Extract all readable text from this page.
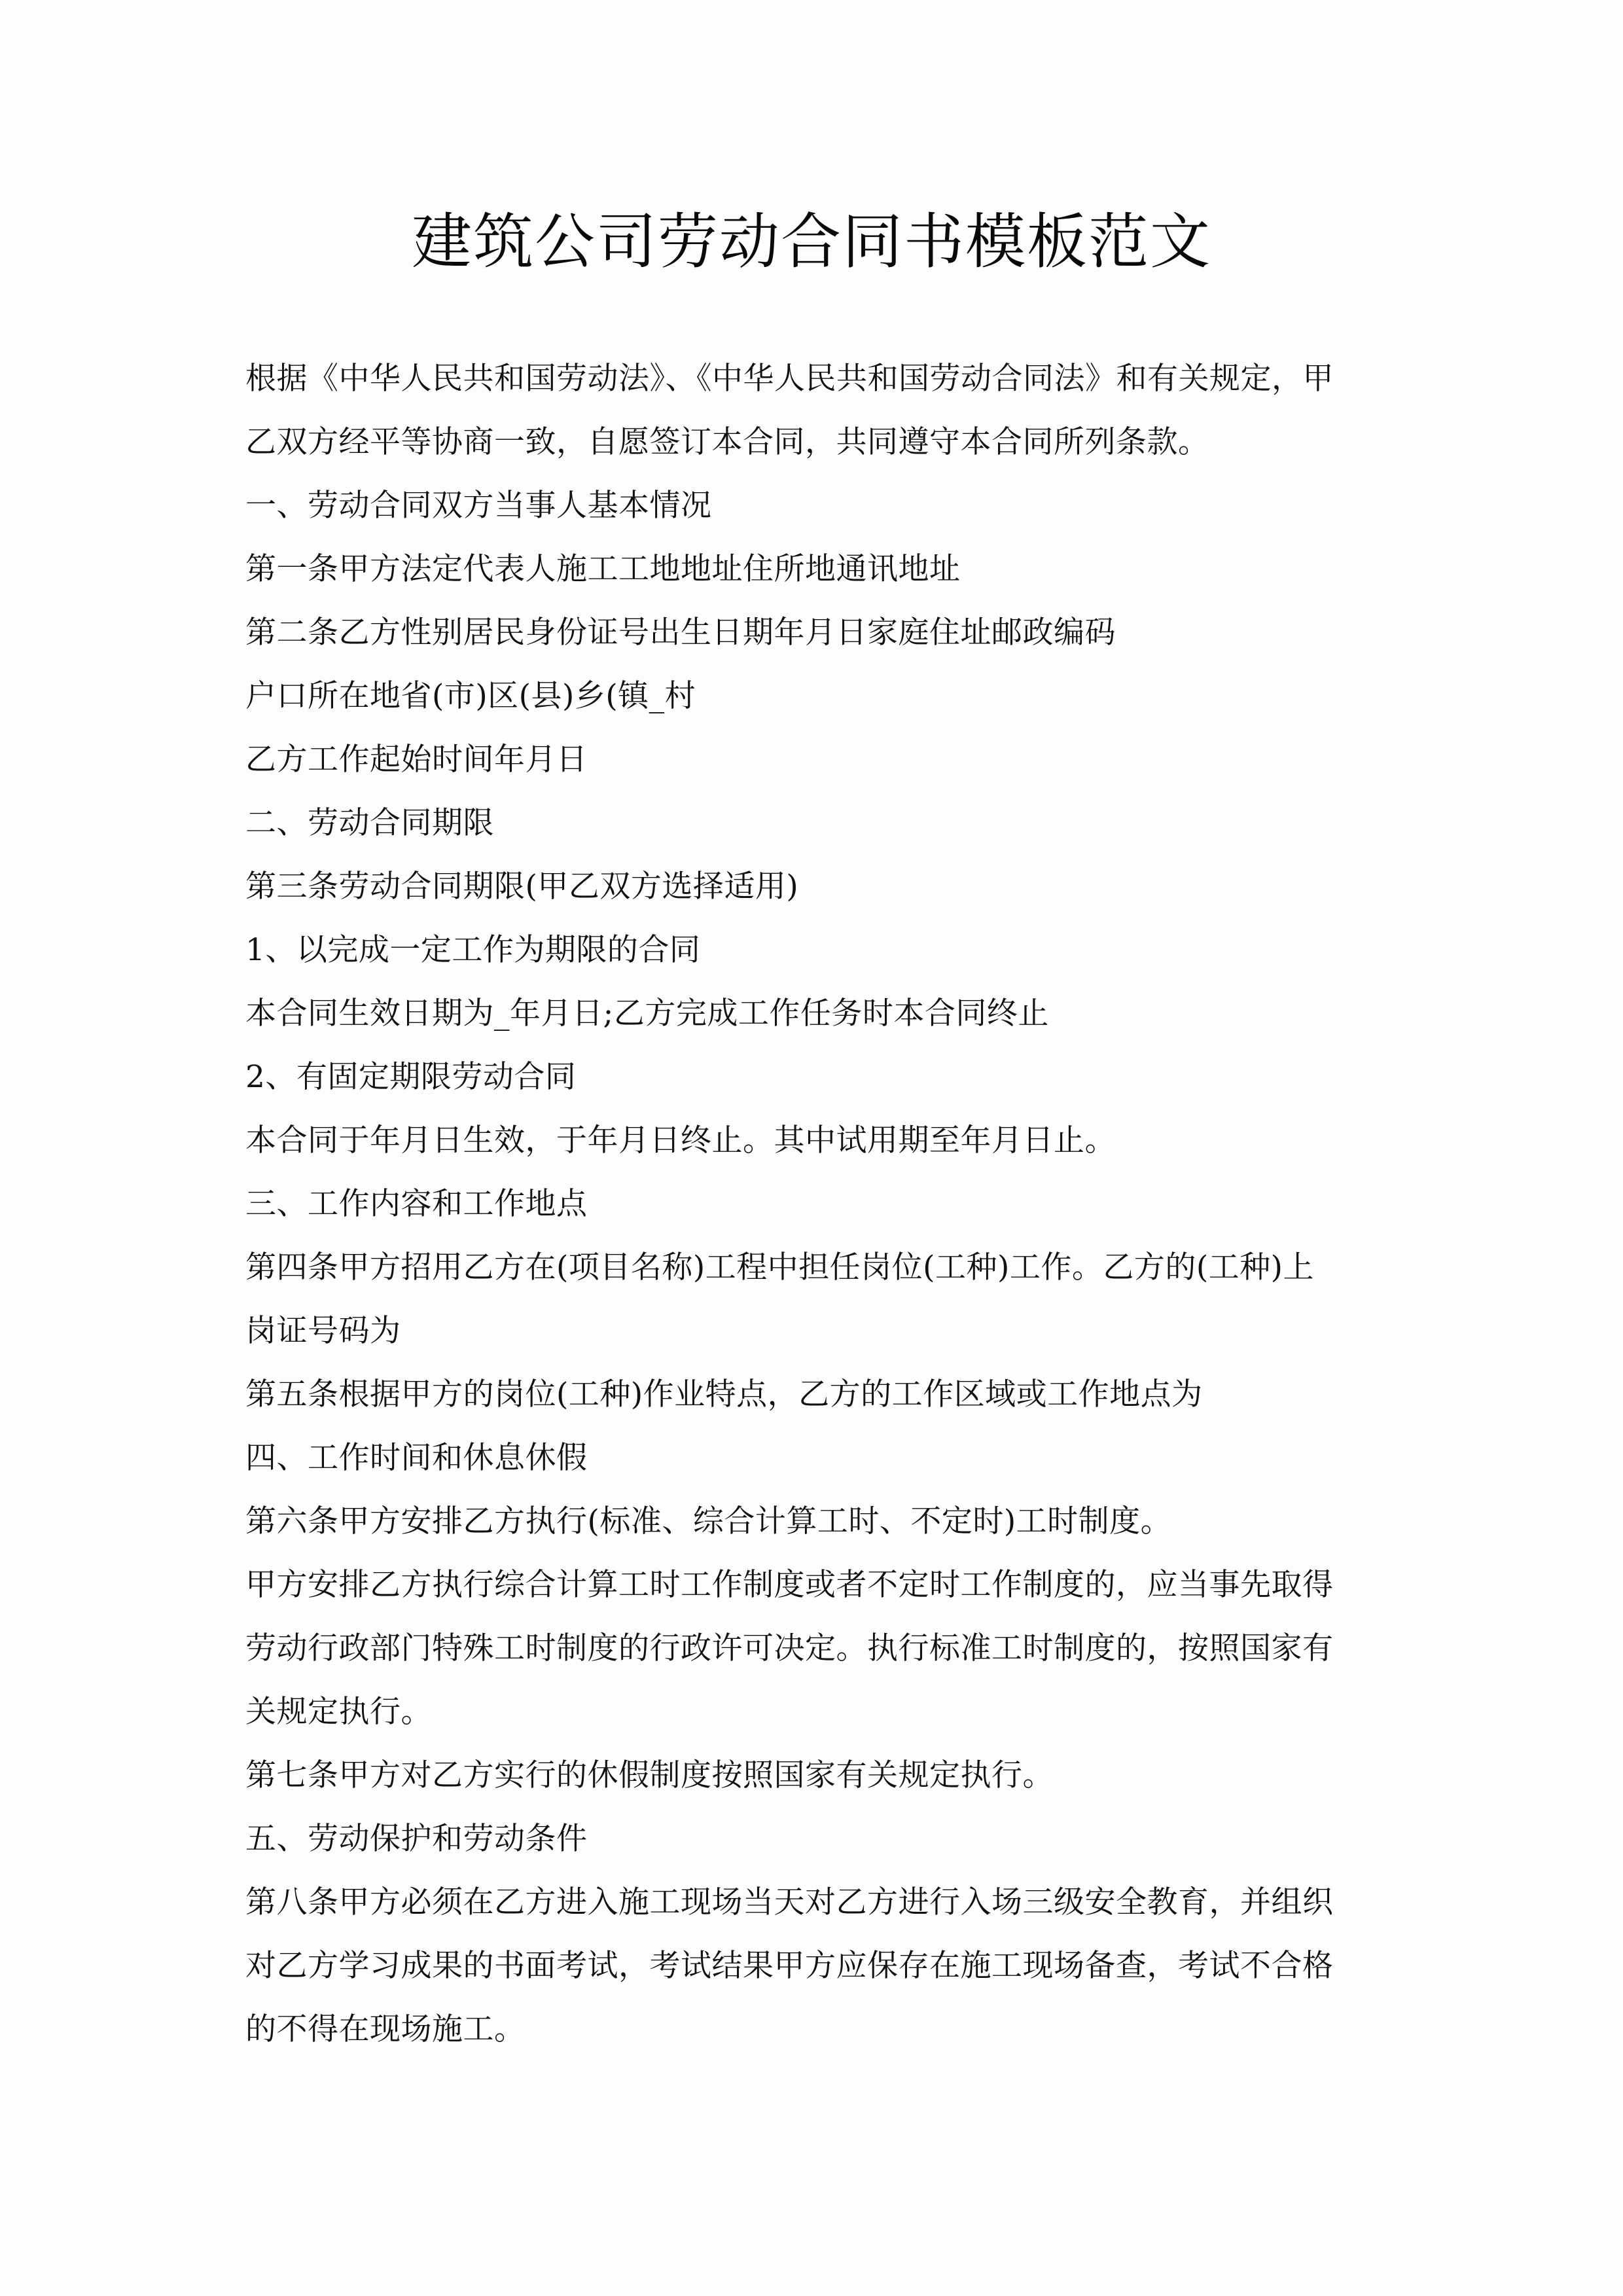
建筑公司劳动合同书模板范文
根据《中华人民共和国劳动法》、《中华人民共和国劳动合同法》和有关规定，甲
乙双方经平等协商一致，自愿签订本合同，共同遵守本合同所列条款。
一、劳动合同双方当事人基本情况
第一条甲方法定代表人施工工地地址住所地通讯地址
第二条乙方性别居民身份证号出生日期年月日家庭住址邮政编码
户口所在地省(市)区(县)乡(镇_村
乙方工作起始时间年月日
二、劳动合同期限
第三条劳动合同期限(甲乙双方选择适用)
1、以完成一定工作为期限的合同
本合同生效日期为_年月日;乙方完成工作任务时本合同终止
2、有固定期限劳动合同
本合同于年月日生效，于年月日终止。其中试用期至年月日止。
三、工作内容和工作地点
第四条甲方招用乙方在(项目名称)工程中担任岗位(工种)工作。乙方的(工种)上
岗证号码为
第五条根据甲方的岗位(工种)作业特点，乙方的工作区域或工作地点为
四、工作时间和休息休假
第六条甲方安排乙方执行(标准、综合计算工时、不定时)工时制度。
甲方安排乙方执行综合计算工时工作制度或者不定时工作制度的，应当事先取得
劳动行政部门特殊工时制度的行政许可决定。执行标准工时制度的，按照国家有
关规定执行。
第七条甲方对乙方实行的休假制度按照国家有关规定执行。
五、劳动保护和劳动条件
第八条甲方必须在乙方进入施工现场当天对乙方进行入场三级安全教育，并组织
对乙方学习成果的书面考试，考试结果甲方应保存在施工现场备查，考试不合格
的不得在现场施工。
